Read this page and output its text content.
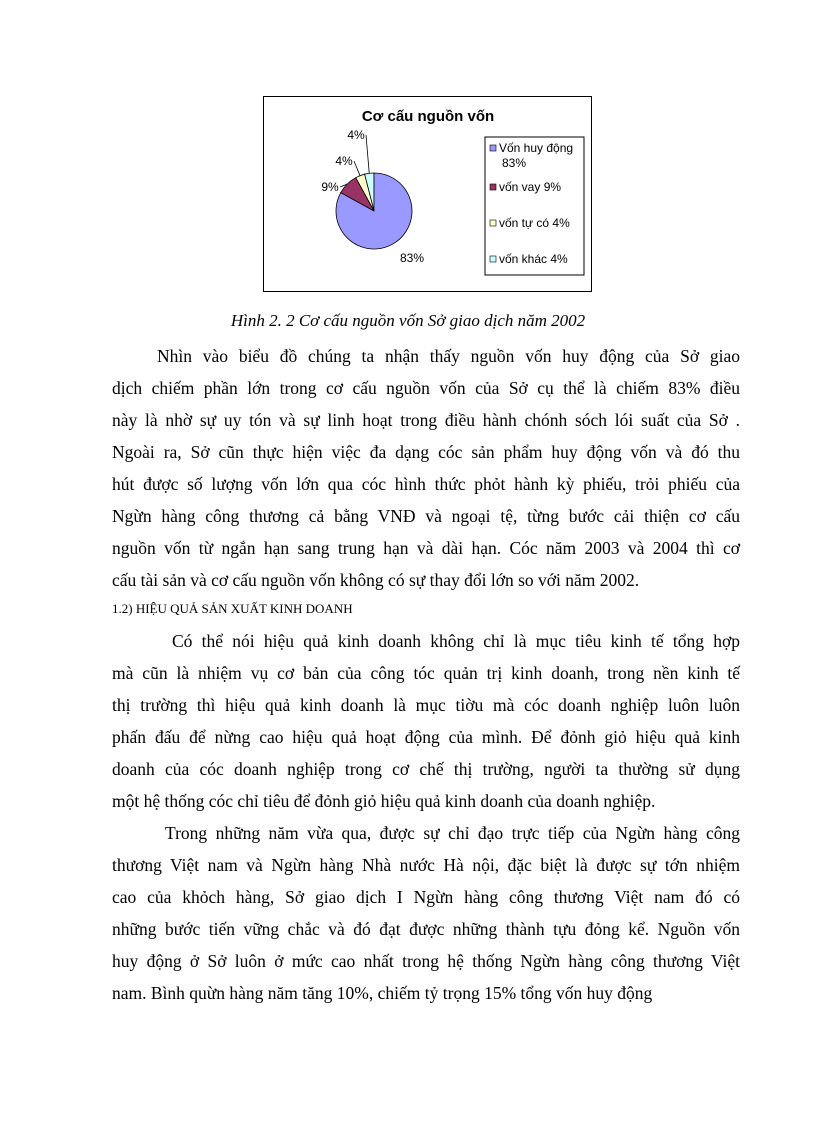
Cơ cấu nguồn vốn
83%
9%
4%
4%
Vốn huy động 83%
vốn vay 9%
vốn tự có 4%
vốn khác 4%
Hình 2. 2 Cơ cấu nguồn vốn Sở giao dịch năm 2002
Nhìn vào biểu đồ chúng ta nhận thấy nguồn vốn huy động của Sở giao
dịch chiếm phần lớn trong cơ cấu nguồn vốn của Sở cụ thể là chiếm 83% điều
này là nhờ sự uy tón và sự linh hoạt trong điều hành chónh sóch lói suất của Sở .
Ngoài ra, Sở cũn thực hiện việc đa dạng cóc sản phẩm huy động vốn và đó thu
hút được số lượng vốn lớn qua cóc hình thức phỏt hành kỳ phiếu, trỏi phiếu của
Ngừn hàng công thương cả bằng VNĐ và ngoại tệ, từng bước cải thiện cơ cấu
nguồn vốn từ ngắn hạn sang trung hạn và dài hạn. Cóc năm 2003 và 2004 thì cơ
cấu tài sản và cơ cấu nguồn vốn không có sự thay đổi lớn so với năm 2002.
1.2) HIỆU QUẢ SẢN XUẤT KINH DOANH
Có thể nói hiệu quả kinh doanh không chỉ là mục tiêu kinh tế tổng hợp
mà cũn là nhiệm vụ cơ bản của công tóc quản trị kinh doanh, trong nền kinh tế
thị trường thì hiệu quả kinh doanh là mục tiờu mà cóc doanh nghiệp luôn luôn
phấn đấu để nừng cao hiệu quả hoạt động của mình. Để đỏnh giỏ hiệu quả kinh
doanh của cóc doanh nghiệp trong cơ chế thị trường, người ta thường sử dụng
một hệ thống cóc chỉ tiêu để đỏnh giỏ hiệu quả kinh doanh của doanh nghiệp.
Trong những năm vừa qua, được sự chỉ đạo trực tiếp của Ngừn hàng công
thương Việt nam và Ngừn hàng Nhà nước Hà nội, đặc biệt là được sự tớn nhiệm
cao của khỏch hàng, Sở giao dịch I Ngừn hàng công thương Việt nam đó có
những bước tiến vững chắc và đó đạt được những thành tựu đỏng kể. Nguồn vốn
huy động ở Sở luôn ở mức cao nhất trong hệ thống Ngừn hàng công thương Việt
nam. Bình quừn hàng năm tăng 10%, chiếm tỷ trọng 15% tổng vốn huy động
